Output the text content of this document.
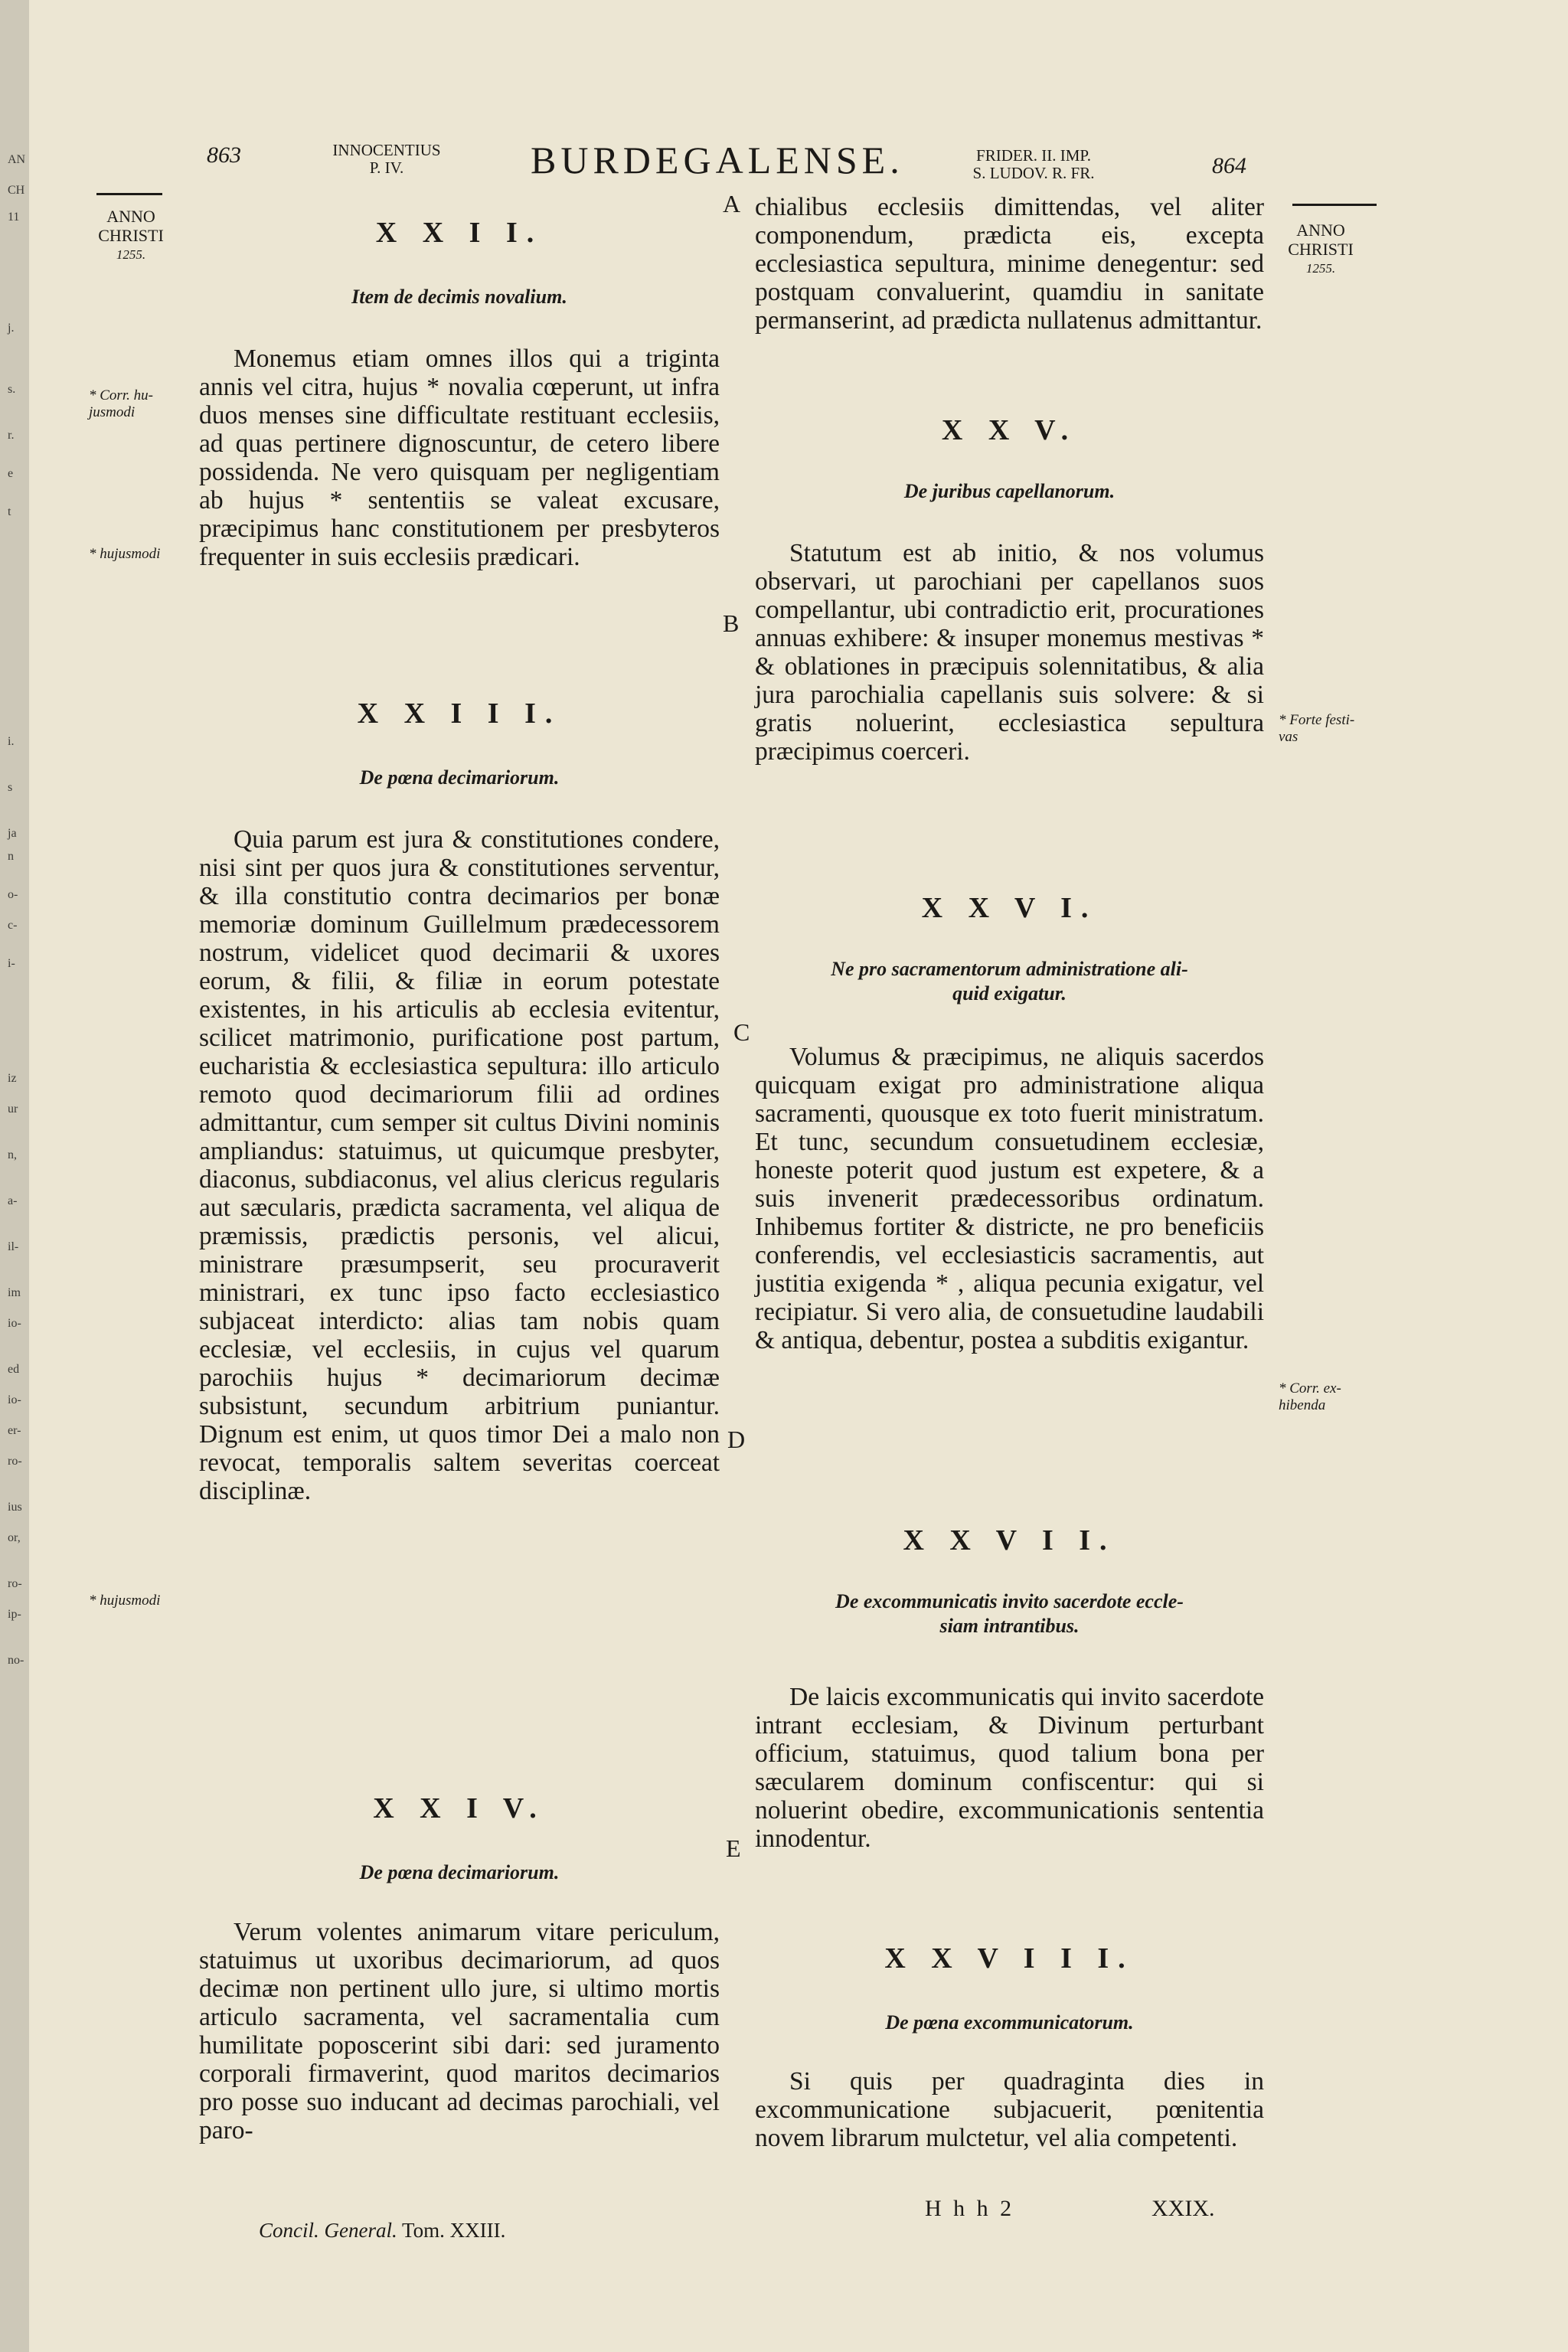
AN
CH
11
j.
s.
r.
e
t
i.
s
ja
n
o-
c-
i-
iz
ur
n,
a-
il-
im
io-
ed
io-
er-
ro-
ius
or,
ro-
ip-
no-
863	INNOCENTIUS
P. IV.	BURDEGALENSE.	FRIDER. II. IMP.
S. LUDOV. R. FR.	864
ANNO
CHRISTI
1255.
ANNO
CHRISTI
1255.
* Corr. hu-
jusmodi
* hujusmodi
* hujusmodi
* Forte festi-
vas
* Corr. ex-
hibenda
A
B
C
D
E
X X I I.
Item de decimis novalium.

Monemus etiam omnes illos qui a triginta annis vel citra, hujus * novalia cœperunt, ut infra duos menses sine difficultate restituant ecclesiis, ad quas pertinere dignoscuntur, de cetero libere possidenda. Ne vero quisquam per negligentiam ab hujus * sententiis se valeat excusare, præcipimus hanc constitutionem per presbyteros frequenter in suis ecclesiis prædicari.

X X I I I.
De pœna decimariorum.

Quia parum est jura & constitutiones condere, nisi sint per quos jura & constitutiones serventur, & illa constitutio contra decimarios per bonæ memoriæ dominum Guillelmum prædecessorem nostrum, videlicet quod decimarii & uxores eorum, & filii, & filiæ in eorum potestate existentes, in his articulis ab ecclesia evitentur, scilicet matrimonio, purificatione post partum, eucharistia & ecclesiastica sepultura: illo articulo remoto quod decimariorum filii ad ordines admittantur, cum semper sit cultus Divini nominis ampliandus: statuimus, ut quicumque presbyter, diaconus, subdiaconus, vel alius clericus regularis aut sæcularis, prædicta sacramenta, vel aliqua de præmissis, prædictis personis, vel alicui, ministrare præsumpserit, seu procuraverit ministrari, ex tunc ipso facto ecclesiastico subjaceat interdicto: alias tam nobis quam ecclesiæ, vel ecclesiis, in cujus vel quarum parochiis hujus * decimariorum decimæ subsistunt, secundum arbitrium puniantur. Dignum est enim, ut quos timor Dei a malo non revocat, temporalis saltem severitas coerceat disciplinæ.

X X I V.
De pœna decimariorum.

Verum volentes animarum vitare periculum, statuimus ut uxoribus decimariorum, ad quos decimæ non pertinent ullo jure, si ultimo mortis articulo sacramenta, vel sacramentalia cum humilitate poposcerint sibi dari: sed juramento corporali firmaverint, quod maritos decimarios pro posse suo inducant ad decimas parochiali, vel paro-

chialibus ecclesiis dimittendas, vel aliter componendum, prædicta eis, excepta ecclesiastica sepultura, minime denegentur: sed postquam convaluerint, quamdiu in sanitate permanserint, ad prædicta nullatenus admittantur.

X X V.
De juribus capellanorum.

Statutum est ab initio, & nos volumus observari, ut parochiani per capellanos suos compellantur, ubi contradictio erit, procurationes annuas exhibere: & insuper monemus mestivas * & oblationes in præcipuis solennitatibus, & alia jura parochialia capellanis suis solvere: & si gratis noluerint, ecclesiastica sepultura præcipimus coerceri.

X X V I.
Ne pro sacramentorum administratione ali-
quid exigatur.

Volumus & præcipimus, ne aliquis sacerdos quicquam exigat pro administratione aliqua sacramenti, quousque ex toto fuerit ministratum. Et tunc, secundum consuetudinem ecclesiæ, honeste poterit quod justum est expetere, & a suis invenerit prædecessoribus ordinatum. Inhibemus fortiter & districte, ne pro beneficiis conferendis, vel ecclesiasticis sacramentis, aut justitia exigenda * , aliqua pecunia exigatur, vel recipiatur. Si vero alia, de consuetudine laudabili & antiqua, debentur, postea a subditis exigantur.

X X V I I.
De excommunicatis invito sacerdote eccle-
siam intrantibus.

De laicis excommunicatis qui invito sacerdote intrant ecclesiam, & Divinum perturbant officium, statuimus, quod talium bona per sæcularem dominum confiscentur: qui si noluerint obedire, excommunicationis sententia innodentur.

X X V I I I.
De pœna excommunicatorum.

Si quis per quadraginta dies in excommunicatione subjacuerit, pœnitentia novem librarum mulctetur, vel alia competenti.

Concil. General. Tom. XXIII.
H h h 2	XXIX.
